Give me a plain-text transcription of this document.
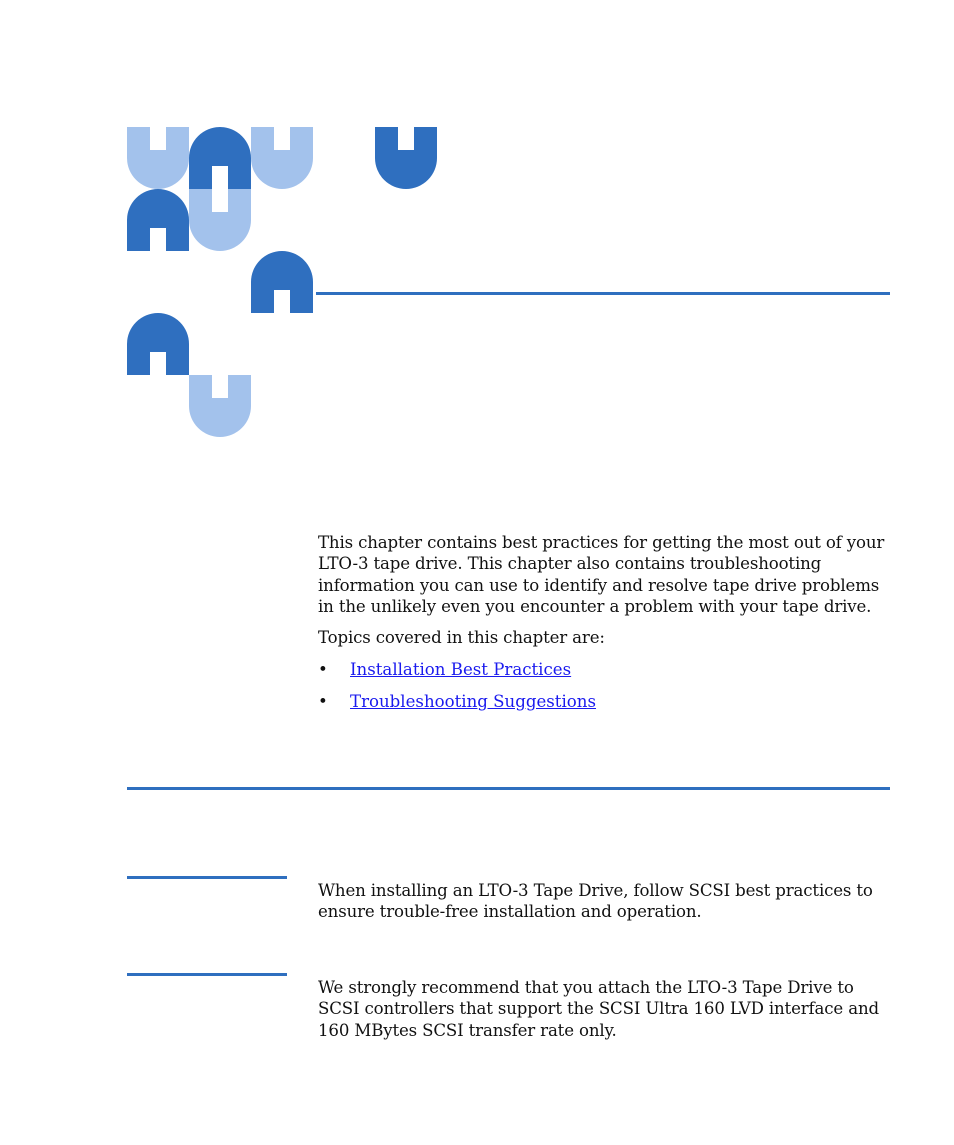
This chapter contains best practices for getting the most out of your LTO-3 tape drive. This chapter also contains troubleshooting information you can use to identify and resolve tape drive problems in the unlikely even you encounter a problem with your tape drive.

Topics covered in this chapter are:

• Installation Best Practices
• Troubleshooting Suggestions

When installing an LTO-3 Tape Drive, follow SCSI best practices to ensure trouble-free installation and operation.

We strongly recommend that you attach the LTO-3 Tape Drive to SCSI controllers that support the SCSI Ultra 160 LVD interface and 160 MBytes SCSI transfer rate only.
